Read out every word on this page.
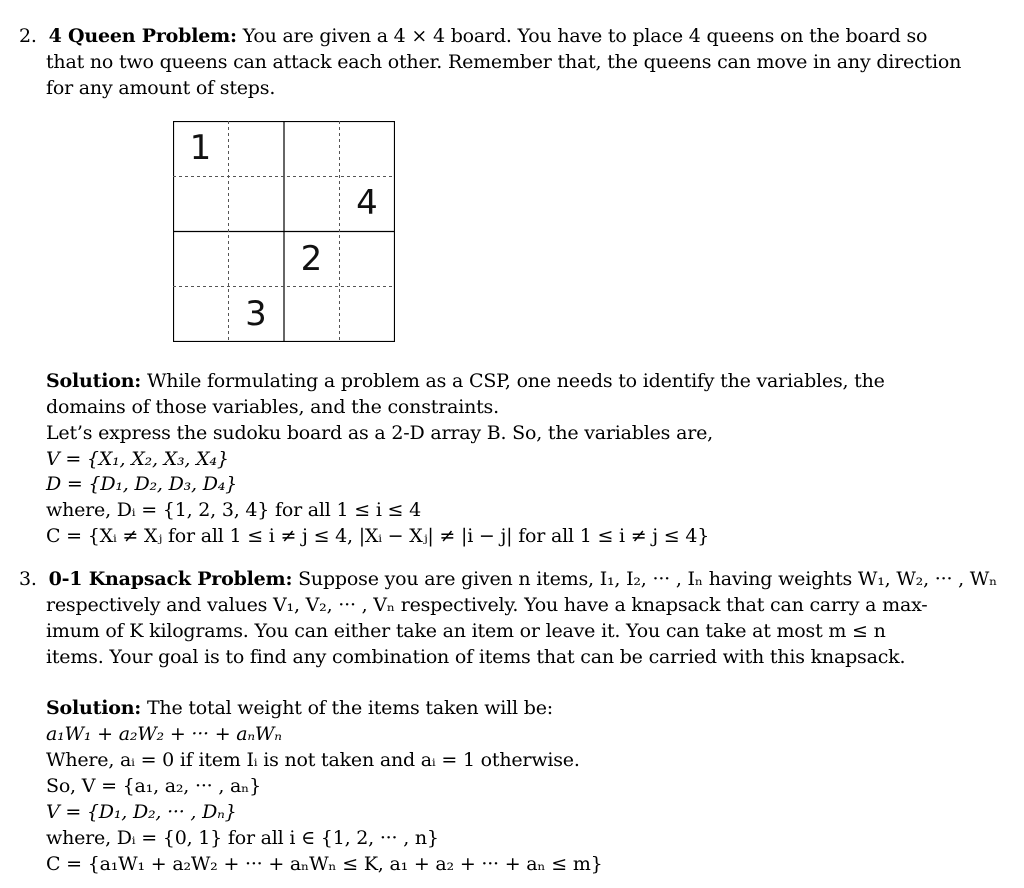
2. 4 Queen Problem: You are given a 4 × 4 board. You have to place 4 queens on the board so
that no two queens can attack each other. Remember that, the queens can move in any direction
for any amount of steps.
1
4
2
3
Solution: While formulating a problem as a CSP, one needs to identify the variables, the
domains of those variables, and the constraints.
Let’s express the sudoku board as a 2-D array B. So, the variables are,
V = {X₁, X₂, X₃, X₄}
D = {D₁, D₂, D₃, D₄}
where, Dᵢ = {1, 2, 3, 4} for all 1 ≤ i ≤ 4
C = {Xᵢ ≠ Xⱼ for all 1 ≤ i ≠ j ≤ 4, |Xᵢ − Xⱼ| ≠ |i − j| for all 1 ≤ i ≠ j ≤ 4}
3. 0-1 Knapsack Problem: Suppose you are given n items, I₁, I₂, ··· , Iₙ having weights W₁, W₂, ··· , Wₙ
respectively and values V₁, V₂, ··· , Vₙ respectively. You have a knapsack that can carry a max-
imum of K kilograms. You can either take an item or leave it. You can take at most m ≤ n
items. Your goal is to find any combination of items that can be carried with this knapsack.
Solution: The total weight of the items taken will be:
a₁W₁ + a₂W₂ + ··· + aₙWₙ
Where, aᵢ = 0 if item Iᵢ is not taken and aᵢ = 1 otherwise.
So, V = {a₁, a₂, ··· , aₙ}
V = {D₁, D₂, ··· , Dₙ}
where, Dᵢ = {0, 1} for all i ∈ {1, 2, ··· , n}
C = {a₁W₁ + a₂W₂ + ··· + aₙWₙ ≤ K, a₁ + a₂ + ··· + aₙ ≤ m}
